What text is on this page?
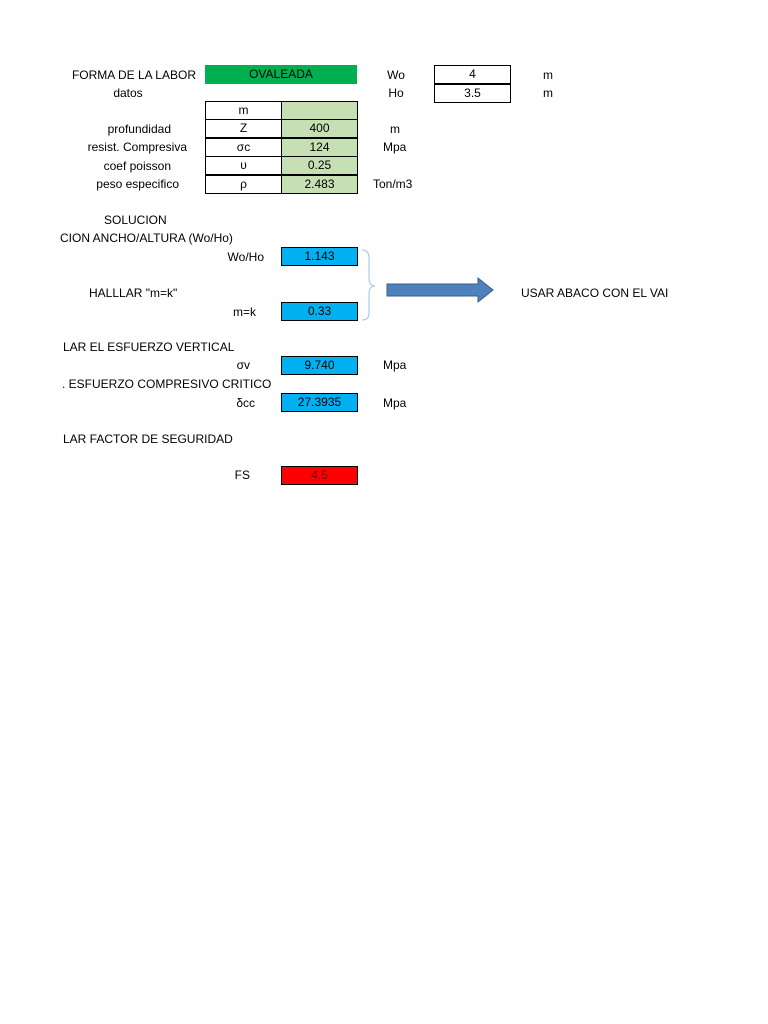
FORMA DE LA LABOR	OVALEADA	Wo	4	m
datos	Ho	3.5	m
m
profundidad	Z	400	m
resist. Compresiva	σc	124	Mpa
coef poisson	υ	0.25
peso especifico	ρ	2.483	Ton/m3
SOLUCION
CION ANCHO/ALTURA (Wo/Ho)
Wo/Ho	1.143
HALLLAR "m=k"
m=k	0.33
USAR ABACO CON EL VAI
LAR EL ESFUERZO VERTICAL
σv	9.740	Mpa
. ESFUERZO COMPRESIVO CRITICO
δcc	27.3935	Mpa
LAR FACTOR DE SEGURIDAD
FS	4.5
